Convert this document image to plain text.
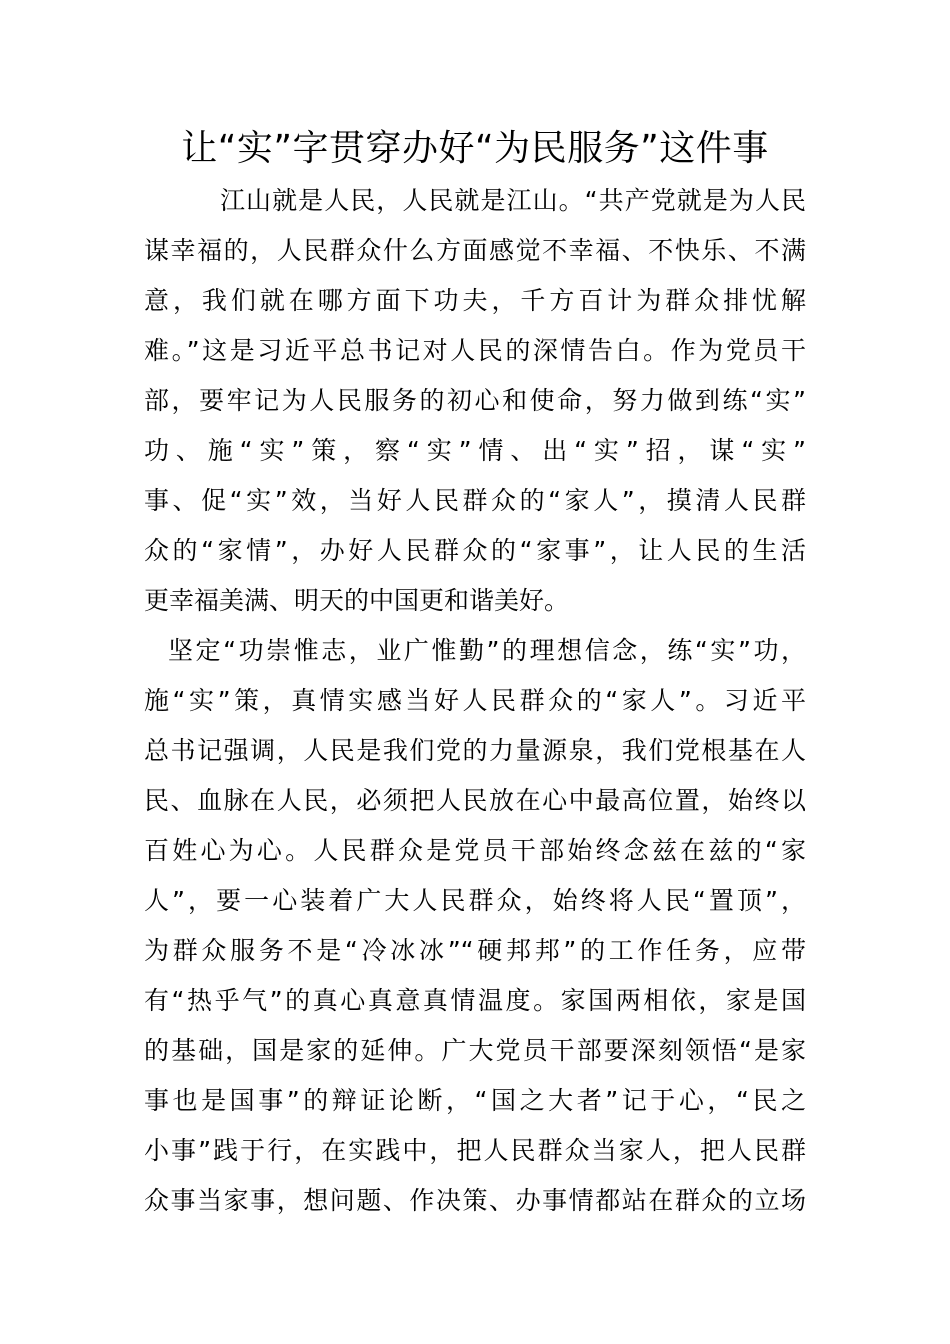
让“实”字贯穿办好“为民服务”这件事
江山就是人民，人民就是江山。“共产党就是为人民
谋幸福的，人民群众什么方面感觉不幸福、不快乐、不满
意，我们就在哪方面下功夫，千方百计为群众排忧解
难。”这是习近平总书记对人民的深情告白。作为党员干
部，要牢记为人民服务的初心和使命，努力做到练“实”
功、施“实”策，察“实”情、出“实”招，谋“实”
事、促“实”效，当好人民群众的“家人”，摸清人民群
众的“家情”，办好人民群众的“家事”，让人民的生活
更幸福美满、明天的中国更和谐美好。
坚定“功崇惟志，业广惟勤”的理想信念，练“实”功，
施“实”策，真情实感当好人民群众的“家人”。习近平
总书记强调，人民是我们党的力量源泉，我们党根基在人
民、血脉在人民，必须把人民放在心中最高位置，始终以
百姓心为心。人民群众是党员干部始终念兹在兹的“家
人”，要一心装着广大人民群众，始终将人民“置顶”，
为群众服务不是“冷冰冰”“硬邦邦”的工作任务，应带
有“热乎气”的真心真意真情温度。家国两相依，家是国
的基础，国是家的延伸。广大党员干部要深刻领悟“是家
事也是国事”的辩证论断，“国之大者”记于心，“民之
小事”践于行，在实践中，把人民群众当家人，把人民群
众事当家事，想问题、作决策、办事情都站在群众的立场
